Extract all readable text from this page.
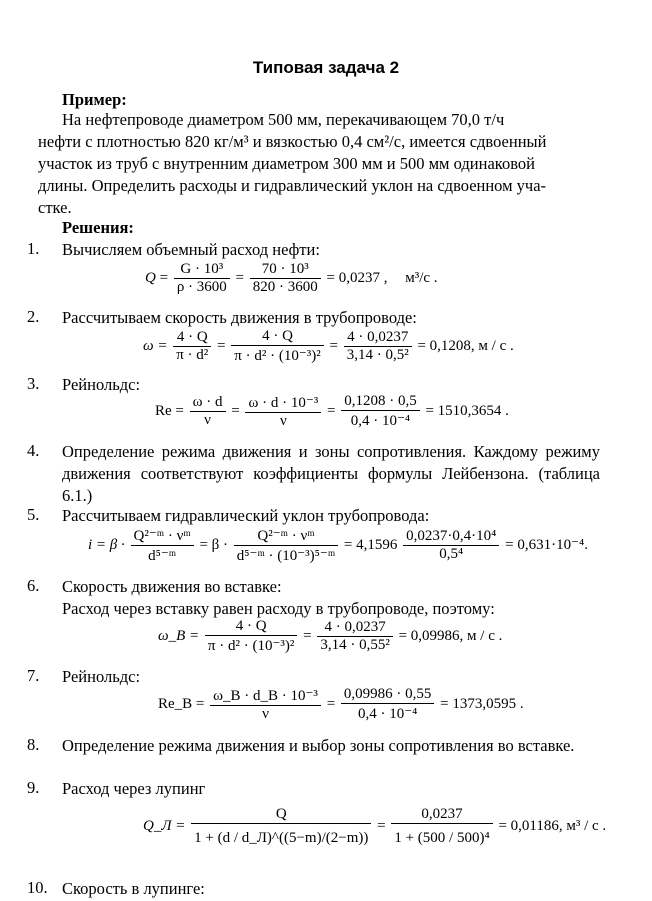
Типовая задача 2
Пример:
На нефтепроводе диаметром 500 мм, перекачивающем 70,0 т/ч
нефти с плотностью 820 кг/м³ и вязкостью 0,4 см²/с, имеется сдвоенный
участок из труб с внутренним диаметром 300 мм и 500 мм одинаковой
длины. Определить расходы и гидравлический уклон на сдвоенном уча-
стке.
Решения:
1. Вычисляем объемный расход нефти:
$Q = \frac{\text{G · 10³}}{\rho \cdot 3600} = \frac{\text{70 · 10³}}{820 \cdot 3600} = 0,0237$ , м³/с .
2. Рассчитываем скорость движения в трубопроводе:
$\omega = \frac{4 \cdot Q}{\text{π · d²}} = \frac{4 \cdot Q}{\text{π · d² · (10⁻³)²}} = \frac{4 \cdot 0,0237}{\text{3,14 · 0,5²}} = 0,1208$, м / с .
3. Рейнольдс:
$Re = \frac{\omega \cdot d}{\nu} = \frac{\text{ω · d · 10⁻³}}{\nu} = \frac{0,1208 \cdot 0,5}{\text{0,4 · 10⁻⁴}} = 1510,3654$ .
4. Определение режима движения и зоны сопротивления. Каждому режиму движения соответствуют коэффициенты формулы Лейбензона. (таблица 6.1.)
5. Рассчитываем гидравлический уклон трубопровода:
$i = \beta \cdot \frac{\text{Q²⁻ᵐ · νᵐ}}{\text{d⁵⁻ᵐ}} = \beta \cdot \frac{\text{Q²⁻ᵐ · νᵐ}}{\text{d⁵⁻ᵐ · (10⁻³)⁵⁻ᵐ}} = 4,1596 \frac{\text{0,0237·0,4·10⁴}}{\text{0,5⁴}} = 0,631\cdot 10^{-4}$.
6. Скорость движения во вставке:
Расход через вставку равен расходу в трубопроводе, поэтому:
ω_В = $\frac{4 \cdot Q}{\text{π · d² · (10⁻³)²}} = \frac{4 \cdot 0,0237}{\text{3,14 · 0,55²}} = 0,09986$, м / с .
7. Рейнольдс:
Re_В = $\frac{\text{ω\_В · d\_В · 10⁻³}}{\nu} = \frac{0,09986 \cdot 0,55}{\text{0,4 · 10⁻⁴}} = 1373,0595$ .
8. Определение режима движения и выбор зоны сопротивления во вставке.
9. Расход через лупинг
Q_Л = $\frac{Q}{1 + (d / d\_Л)\^{}((5-m)/(2-m))} = \frac{0,0237}{\text{1 + (500 / 500)⁴}} = 0,01186$, м³ / с .
10. Скорость в лупинге:
